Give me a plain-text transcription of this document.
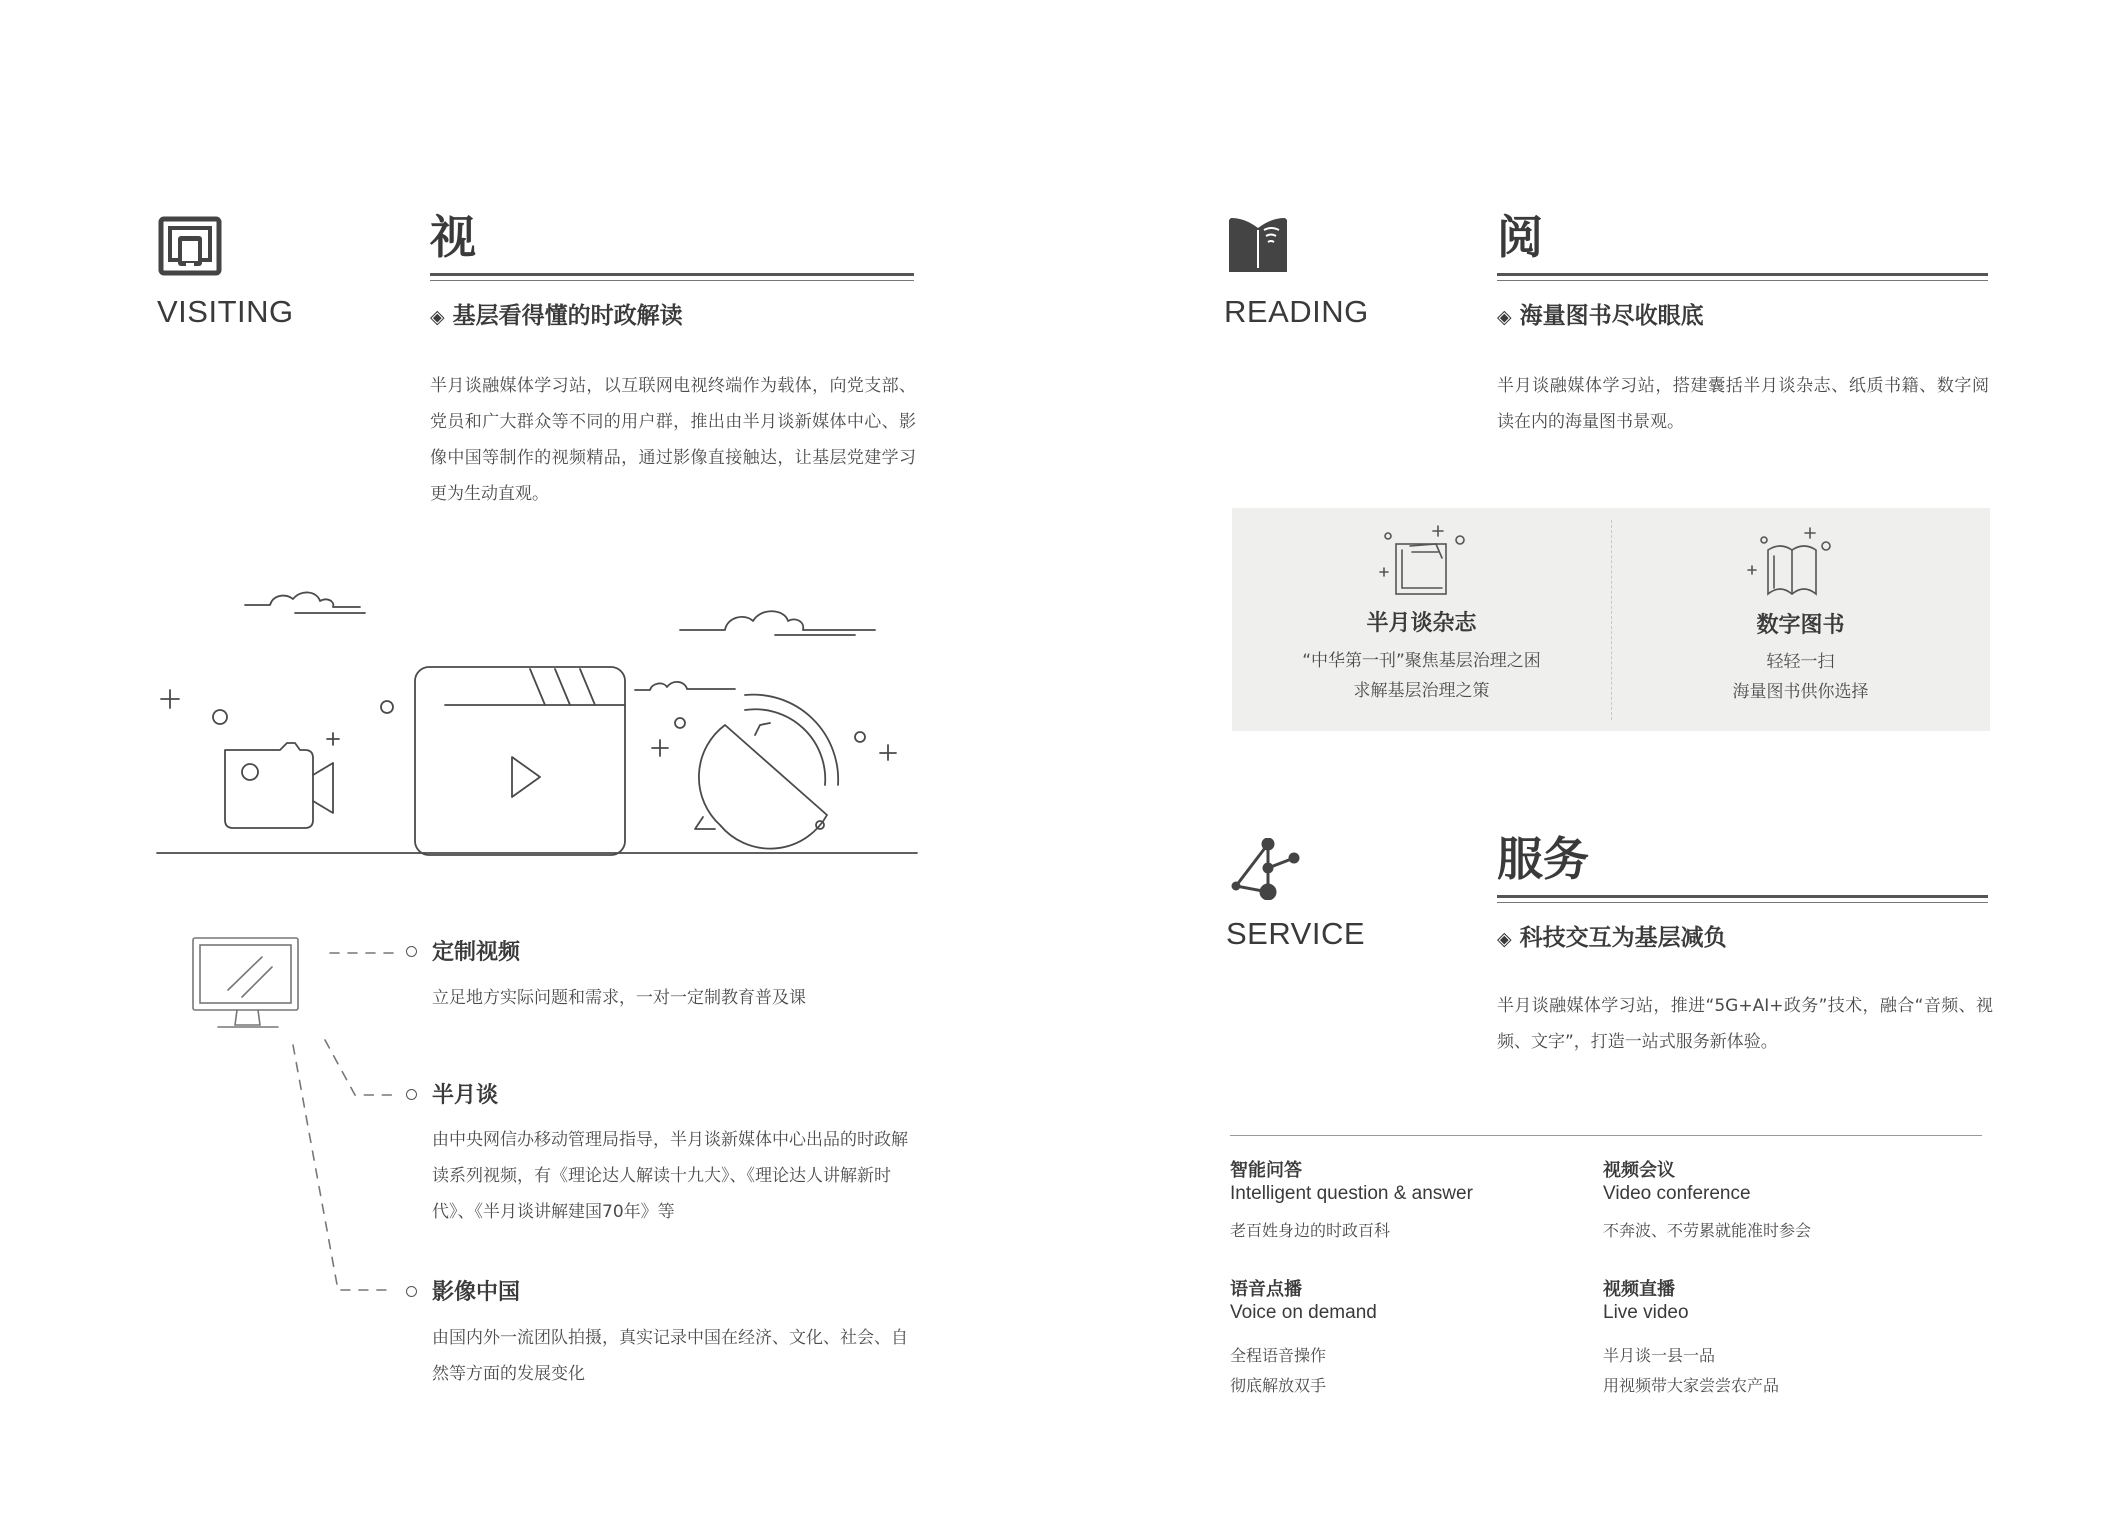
VISITING
视
◈ 基层看得懂的时政解读
半月谈融媒体学习站，以互联网电视终端作为载体，向党支部、党员和广大群众等不同的用户群，推出由半月谈新媒体中心、影像中国等制作的视频精品，通过影像直接触达，让基层党建学习更为生动直观。
定制视频
立足地方实际问题和需求，一对一定制教育普及课
半月谈
由中央网信办移动管理局指导，半月谈新媒体中心出品的时政解读系列视频，有《理论达人解读十九大》、《理论达人讲解新时代》、《半月谈讲解建国70年》等
影像中国
由国内外一流团队拍摄，真实记录中国在经济、文化、社会、自然等方面的发展变化
READING
阅
◈ 海量图书尽收眼底
半月谈融媒体学习站，搭建囊括半月谈杂志、纸质书籍、数字阅读在内的海量图书景观。
半月谈杂志
“中华第一刊”聚焦基层治理之困
求解基层治理之策
数字图书
轻轻一扫
海量图书供你选择
SERVICE
服务
◈ 科技交互为基层减负
半月谈融媒体学习站，推进“5G+AI+政务”技术，融合“音频、视频、文字”，打造一站式服务新体验。
智能问答
Intelligent question & answer
老百姓身边的时政百科
视频会议
Video conference
不奔波、不劳累就能准时参会
语音点播
Voice on demand
全程语音操作
彻底解放双手
视频直播
Live video
半月谈一县一品
用视频带大家尝尝农产品
